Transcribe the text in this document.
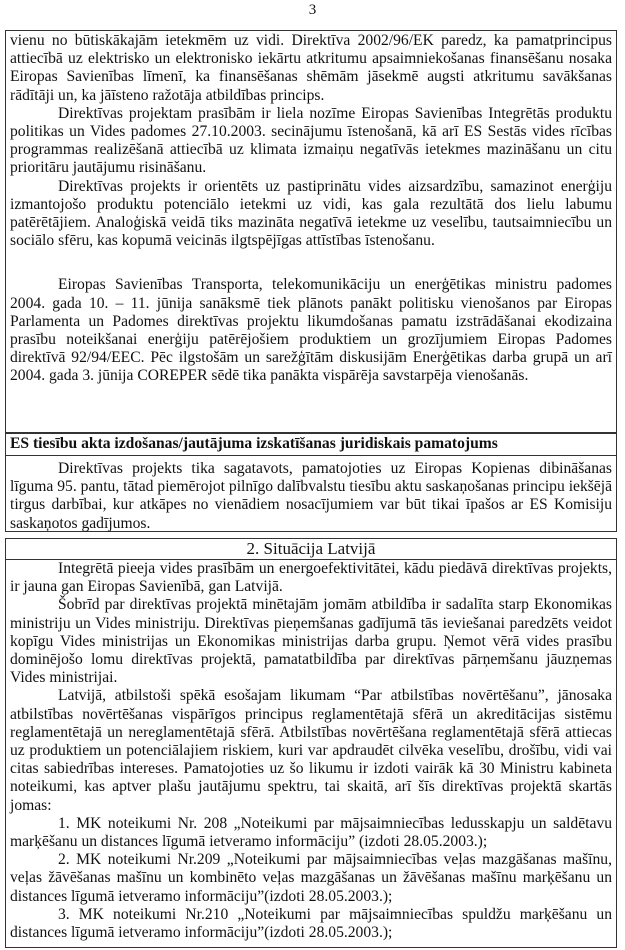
3

vienu no būtiskākajām ietekmēm uz vidi. Direktīva 2002/96/EK paredz, ka pamatprincipus attiecībā uz elektrisko un elektronisko iekārtu atkritumu apsaimniekošanas finansēšanu nosaka Eiropas Savienības līmenī, ka finansēšanas shēmām jāsekmē augsti atkritumu savākšanas rādītāji un, ka jāīsteno ražotāja atbildības princips.

Direktīvas projektam prasībām ir liela nozīme Eiropas Savienības Integrētās produktu politikas un Vides padomes 27.10.2003. secinājumu īstenošanā, kā arī ES Sestās vides rīcības programmas realizēšanā attiecībā uz klimata izmaiņu negatīvās ietekmes mazināšanu un citu prioritāru jautājumu risināšanu.

Direktīvas projekts ir orientēts uz pastiprinātu vides aizsardzību, samazinot enerģiju izmantojošo produktu potenciālo ietekmi uz vidi, kas gala rezultātā dos lielu labumu patērētājiem. Analoģiskā veidā tiks mazināta negatīvā ietekme uz veselību, tautsaimniecību un sociālo sfēru, kas kopumā veicinās ilgtspējīgas attīstības īstenošanu.

Eiropas Savienības Transporta, telekomunikāciju un enerģētikas ministru padomes 2004. gada 10. – 11. jūnija sanāksmē tiek plānots panākt politisku vienošanos par Eiropas Parlamenta un Padomes direktīvas projektu likumdošanas pamatu izstrādāšanai ekodizaina prasību noteikšanai enerģiju patērējošiem produktiem un grozījumiem Eiropas Padomes direktīvā 92/94/EEC. Pēc ilgstošām un sarežģītām diskusijām Enerģētikas darba grupā un arī 2004. gada 3. jūnija COREPER sēdē tika panākta vispārēja savstarpēja vienošanās.

ES tiesību akta izdošanas/jautājuma izskatīšanas juridiskais pamatojums

Direktīvas projekts tika sagatavots, pamatojoties uz Eiropas Kopienas dibināšanas līguma 95. pantu, tātad piemērojot pilnīgo dalībvalstu tiesību aktu saskaņošanas principu iekšējā tirgus darbībai, kur atkāpes no vienādiem nosacījumiem var būt tikai īpašos ar ES Komisiju saskaņotos gadījumos.

2. Situācija Latvijā

Integrētā pieeja vides prasībām un energoefektivitātei, kādu piedāvā direktīvas projekts, ir jauna gan Eiropas Savienībā, gan Latvijā.

Šobrīd par direktīvas projektā minētajām jomām atbildība ir sadalīta starp Ekonomikas ministriju un Vides ministriju. Direktīvas pieņemšanas gadījumā tās ieviešanai paredzēts veidot kopīgu Vides ministrijas un Ekonomikas ministrijas darba grupu. Ņemot vērā vides prasību dominējošo lomu direktīvas projektā, pamatatbildība par direktīvas pārņemšanu jāuzņemas Vides ministrijai.

Latvijā, atbilstoši spēkā esošajam likumam “Par atbilstības novērtēšanu”, jānosaka atbilstības novērtēšanas vispārīgos principus reglamentētajā sfērā un akreditācijas sistēmu reglamentētajā un nereglamentētajā sfērā. Atbilstības novērtēšana reglamentētajā sfērā attiecas uz produktiem un potenciālajiem riskiem, kuri var apdraudēt cilvēka veselību, drošību, vidi vai citas sabiedrības intereses. Pamatojoties uz šo likumu ir izdoti vairāk kā 30 Ministru kabineta noteikumi, kas aptver plašu jautājumu spektru, tai skaitā, arī šīs direktīvas projektā skartās jomas:

1. MK noteikumi Nr. 208 „Noteikumi par mājsaimniecības ledusskapju un saldētavu marķēšanu un distances līgumā ietveramo informāciju” (izdoti 28.05.2003.);

2. MK noteikumi Nr.209 „Noteikumi par mājsaimniecības veļas mazgāšanas mašīnu, veļas žāvēšanas mašīnu un kombinēto veļas mazgāšanas un žāvēšanas mašīnu marķēšanu un distances līgumā ietveramo informāciju”(izdoti 28.05.2003.);

3. MK noteikumi Nr.210 „Noteikumi par mājsaimniecības spuldžu marķēšanu un distances līgumā ietveramo informāciju”(izdoti 28.05.2003.);
